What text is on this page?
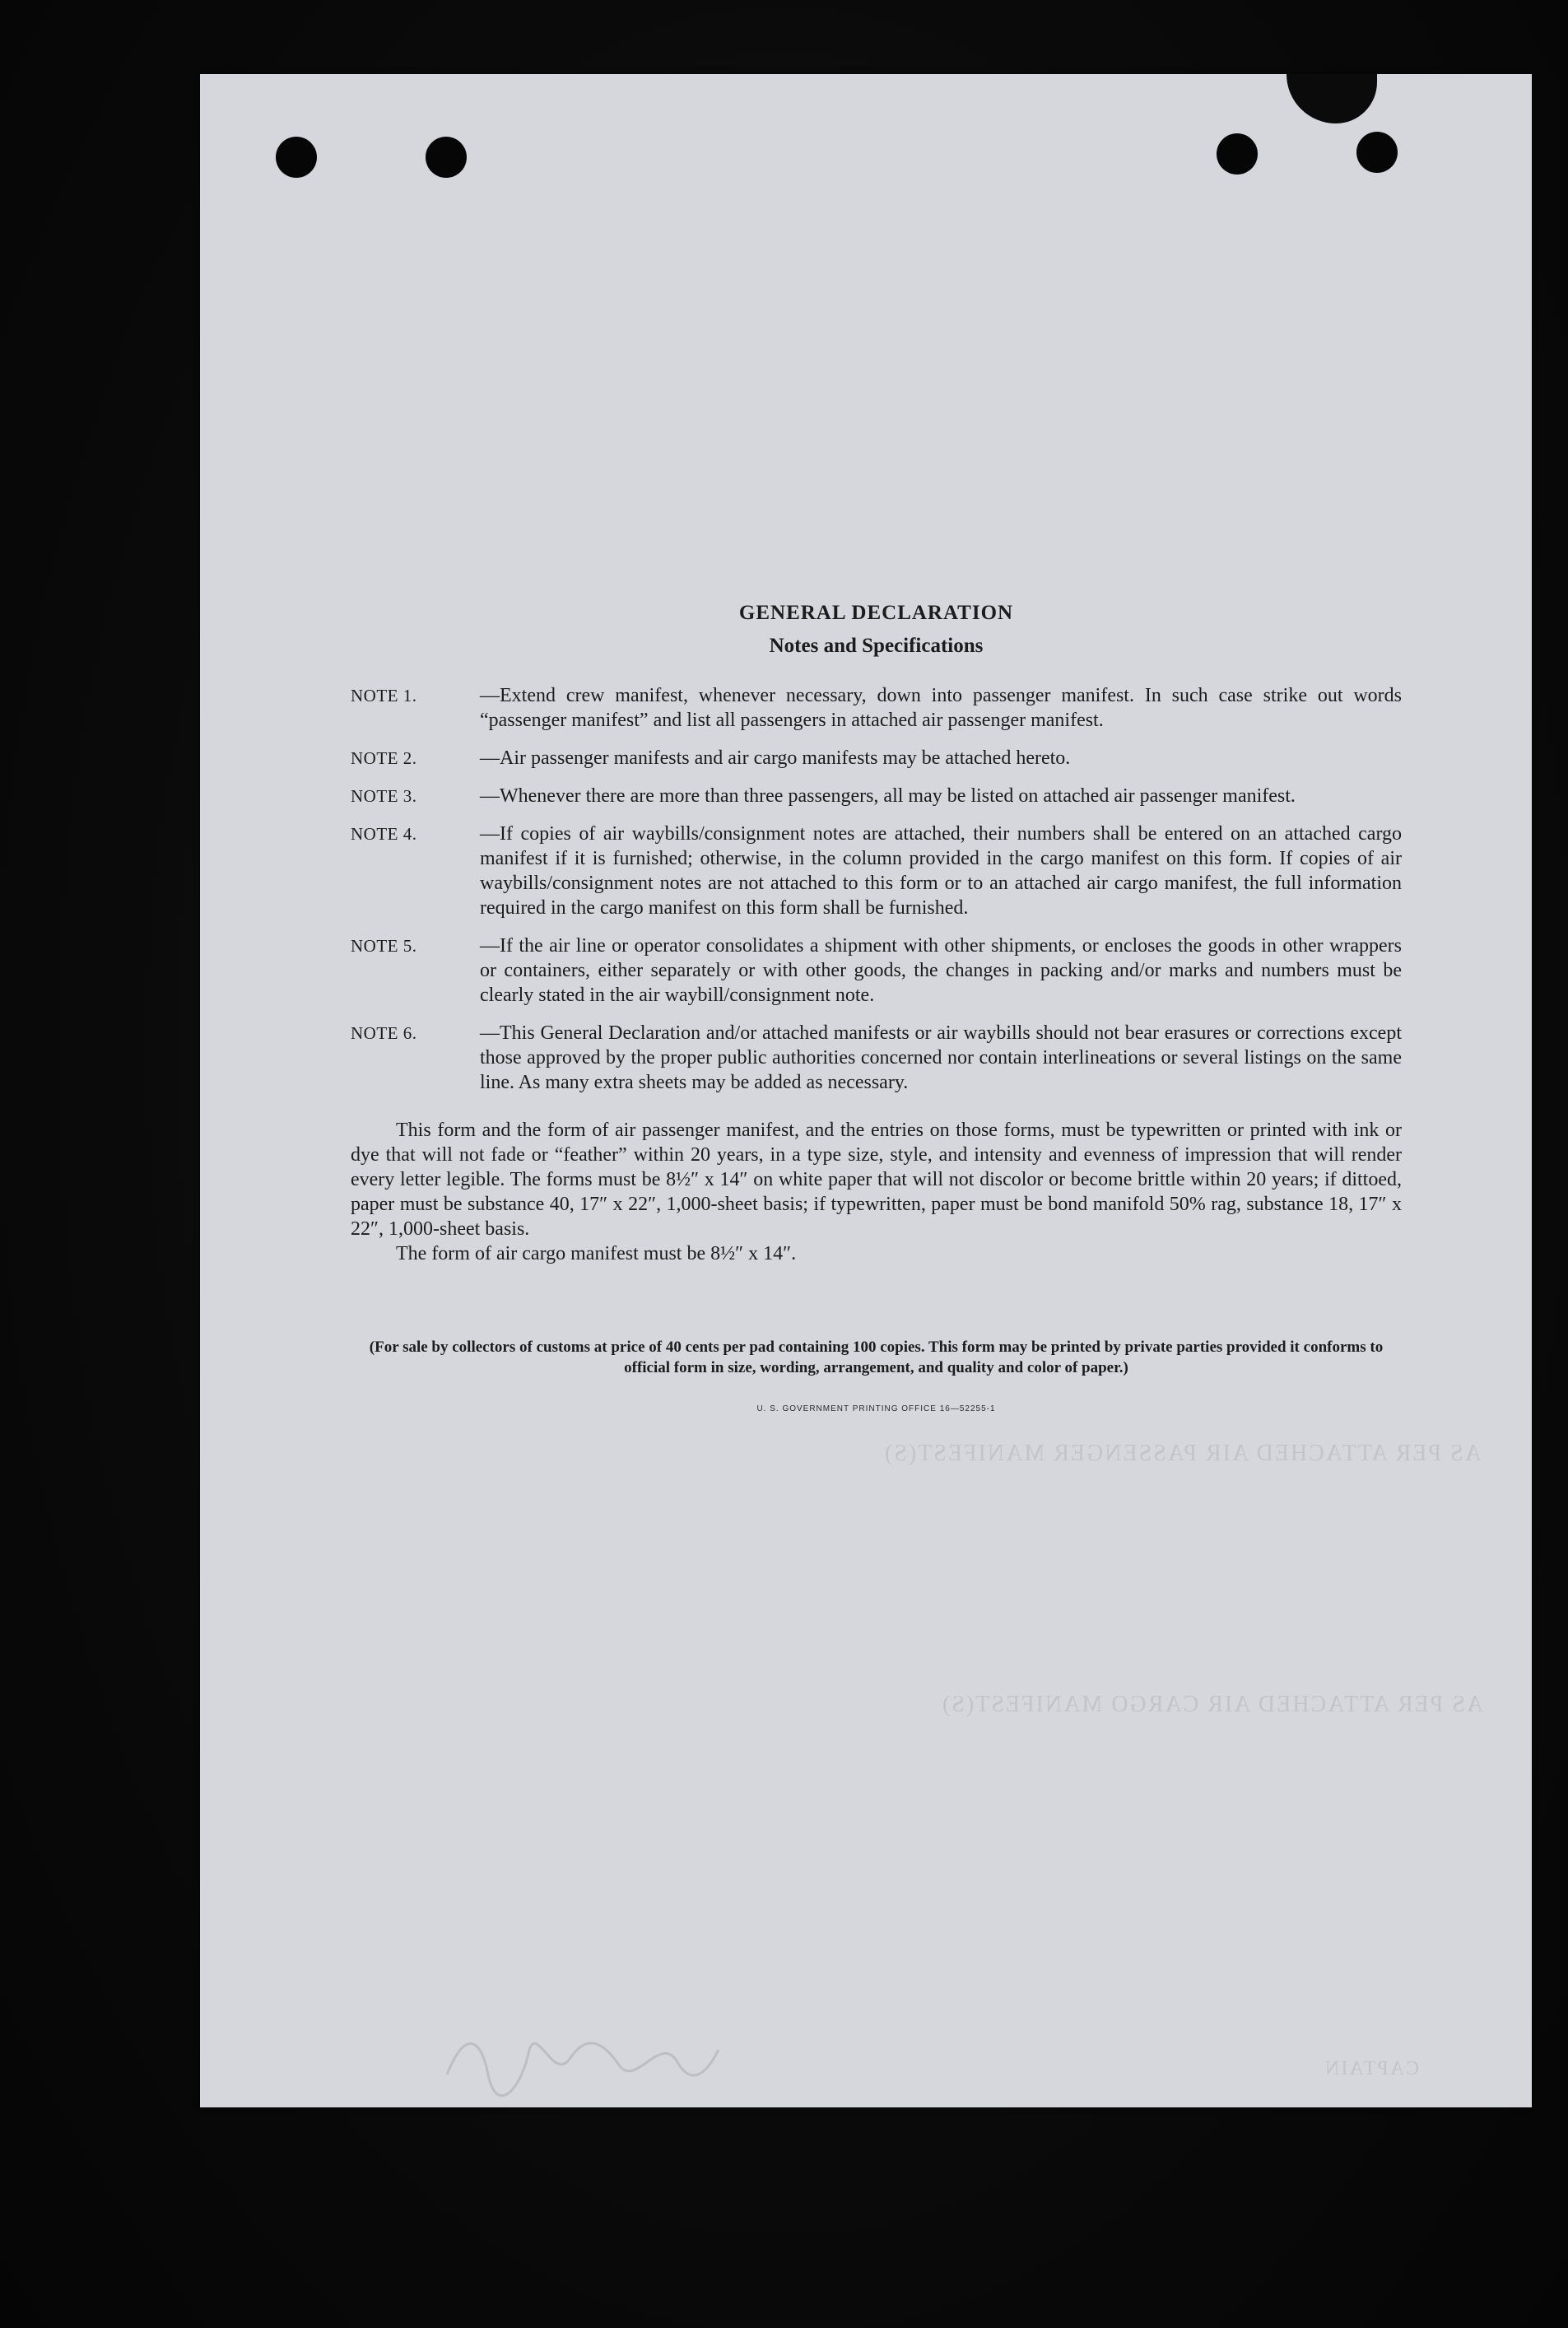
AS PER ATTACHED AIR PASSENGER MANIFEST(S)
AS PER ATTACHED AIR CARGO MANIFEST(S)
CAPTAIN
GENERAL DECLARATION
Notes and Specifications
NOTE 1.	—Extend crew manifest, whenever necessary, down into passenger manifest. In such case strike out words “passenger manifest” and list all passengers in attached air passenger manifest.
NOTE 2.	—Air passenger manifests and air cargo manifests may be attached hereto.
NOTE 3.	—Whenever there are more than three passengers, all may be listed on attached air passenger manifest.
NOTE 4.	—If copies of air waybills/consignment notes are attached, their numbers shall be entered on an attached cargo manifest if it is furnished; otherwise, in the column provided in the cargo manifest on this form. If copies of air waybills/consignment notes are not attached to this form or to an attached air cargo manifest, the full information required in the cargo manifest on this form shall be furnished.
NOTE 5.	—If the air line or operator consolidates a shipment with other shipments, or encloses the goods in other wrappers or containers, either separately or with other goods, the changes in packing and/or marks and numbers must be clearly stated in the air waybill/consignment note.
NOTE 6.	—This General Declaration and/or attached manifests or air waybills should not bear erasures or corrections except those approved by the proper public authorities concerned nor contain interlineations or several listings on the same line. As many extra sheets may be added as necessary.

This form and the form of air passenger manifest, and the entries on those forms, must be typewritten or printed with ink or dye that will not fade or “feather” within 20 years, in a type size, style, and intensity and evenness of impression that will render every letter legible. The forms must be 8½″ x 14″ on white paper that will not discolor or become brittle within 20 years; if dittoed, paper must be substance 40, 17″ x 22″, 1,000-sheet basis; if typewritten, paper must be bond manifold 50% rag, substance 18, 17″ x 22″, 1,000-sheet basis.

The form of air cargo manifest must be 8½″ x 14″.

(For sale by collectors of customs at price of 40 cents per pad containing 100 copies. This form may be printed by private parties provided it conforms to official form in size, wording, arrangement, and quality and color of paper.)

U. S. GOVERNMENT PRINTING OFFICE 16—52255-1
